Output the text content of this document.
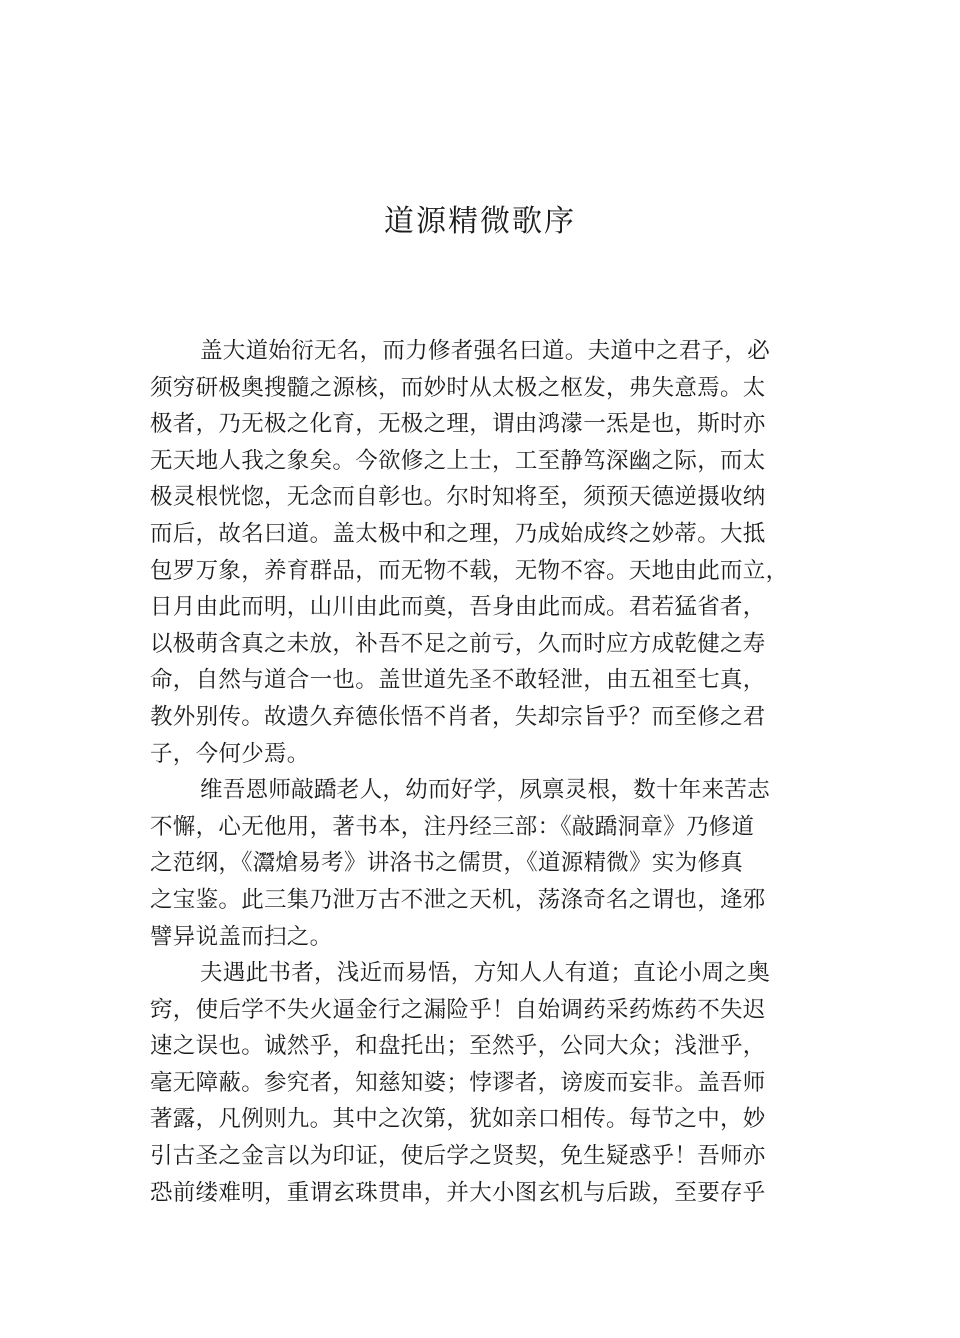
道源精微歌序
盖大道始衍无名，而力修者强名曰道。夫道中之君子，必
须穷研极奥搜髓之源核，而妙时从太极之枢发，弗失意焉。太
极者，乃无极之化育，无极之理，谓由鸿濛一炁是也，斯时亦
无天地人我之象矣。今欲修之上士，工至静笃深幽之际，而太
极灵根恍惚，无念而自彰也。尔时知将至，须预天德逆摄收纳
而后，故名曰道。盖太极中和之理，乃成始成终之妙蒂。大抵
包罗万象，养育群品，而无物不载，无物不容。天地由此而立，
日月由此而明，山川由此而奠，吾身由此而成。君若猛省者，
以极萌含真之未放，补吾不足之前亏，久而时应方成乾健之寿
命，自然与道合一也。盖世道先圣不敢轻泄，由五祖至七真，
教外别传。故遗久弃德伥悟不肖者，失却宗旨乎？而至修之君
子，今何少焉。
维吾恩师敲蹻老人，幼而好学，夙禀灵根，数十年来苦志
不懈，心无他用，著书本，注丹经三部：《敲蹻洞章》乃修道
之范纲，《灊熗易考》讲洛书之儒贯，《道源精微》实为修真
之宝鉴。此三集乃泄万古不泄之天机，荡涤奇名之谓也，逄邪
譬异说盖而扫之。
夫遇此书者，浅近而易悟，方知人人有道；直论小周之奥
窍，使后学不失火逼金行之漏险乎！自始调药采药炼药不失迟
速之误也。诚然乎，和盘托出；至然乎，公同大众；浅泄乎，
毫无障蔽。参究者，知慈知婆；悖谬者，谤废而妄非。盖吾师
著露，凡例则九。其中之次第，犹如亲口相传。每节之中，妙
引古圣之金言以为印证，使后学之贤契，免生疑惑乎！吾师亦
恐前缕难明，重谓玄珠贯串，并大小图玄机与后跋，至要存乎
